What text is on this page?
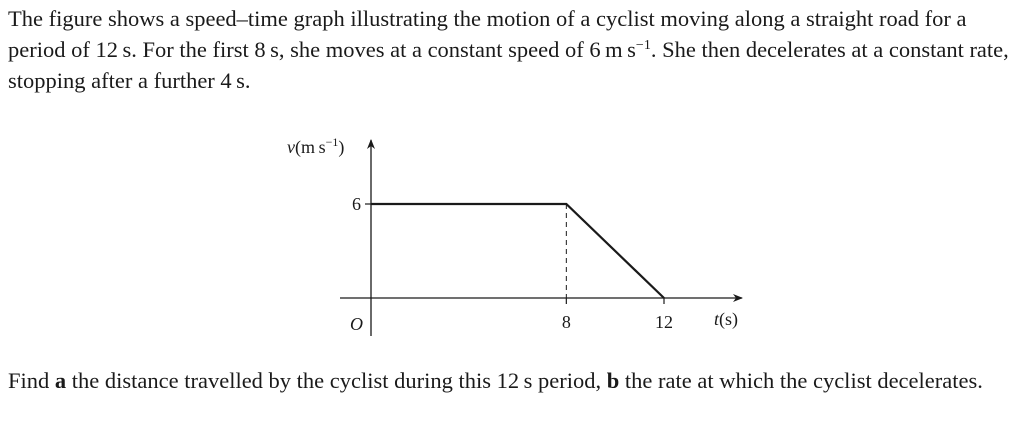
The figure shows a speed–time graph illustrating the motion of a cyclist moving along a straight road for a period of 12 s. For the first 8 s, she moves at a constant speed of 6 m $s^{-1}$. She then decelerates at a constant rate, stopping after a further 4 s.

v(m $s^{-1}$)
t(s)
O	8	12
6

Find a the distance travelled by the cyclist during this 12 s period, b the rate at which the cyclist decelerates.
